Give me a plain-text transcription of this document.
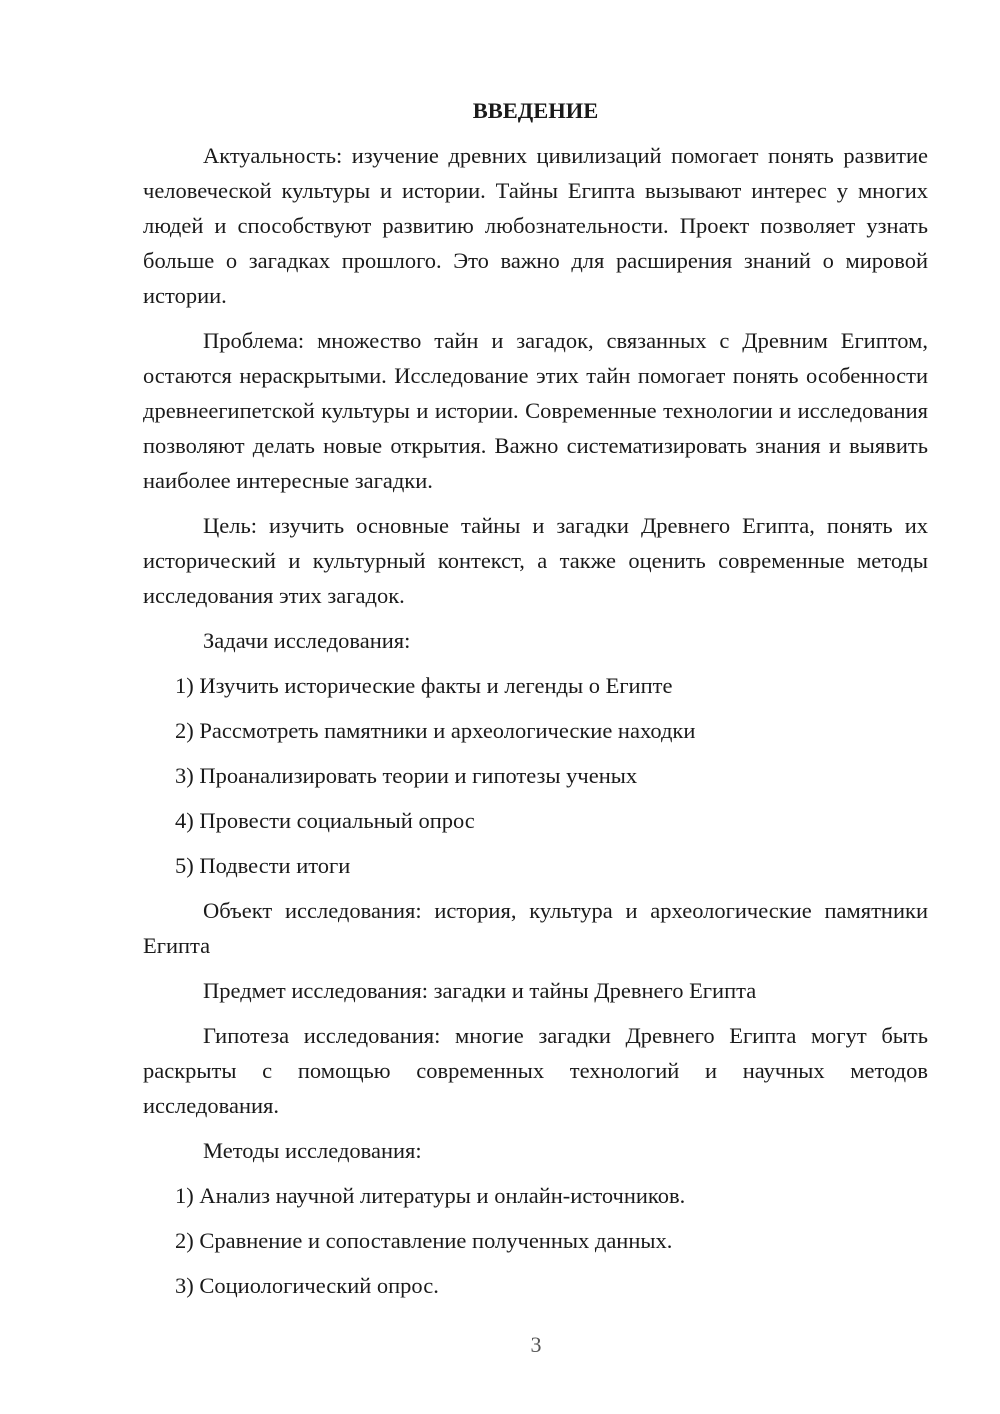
ВВЕДЕНИЕ

Актуальность: изучение древних цивилизаций помогает понять развитие человеческой культуры и истории. Тайны Египта вызывают интерес у многих людей и способствуют развитию любознательности. Проект позволяет узнать больше о загадках прошлого. Это важно для расширения знаний о мировой истории.

Проблема: множество тайн и загадок, связанных с Древним Египтом, остаются нераскрытыми. Исследование этих тайн помогает понять особенности древнеегипетской культуры и истории. Современные технологии и исследования позволяют делать новые открытия. Важно систематизировать знания и выявить наиболее интересные загадки.

Цель: изучить основные тайны и загадки Древнего Египта, понять их исторический и культурный контекст, а также оценить современные методы исследования этих загадок.

Задачи исследования:

1) Изучить исторические факты и легенды о Египте

2) Рассмотреть памятники и археологические находки

3) Проанализировать теории и гипотезы ученых

4) Провести социальный опрос

5) Подвести итоги

Объект исследования: история, культура и археологические памятники Египта

Предмет исследования: загадки и тайны Древнего Египта

Гипотеза исследования: многие загадки Древнего Египта могут быть раскрыты с помощью современных технологий и научных методов исследования.

Методы исследования:

1) Анализ научной литературы и онлайн-источников.

2) Сравнение и сопоставление полученных данных.

3) Социологический опрос.

3
